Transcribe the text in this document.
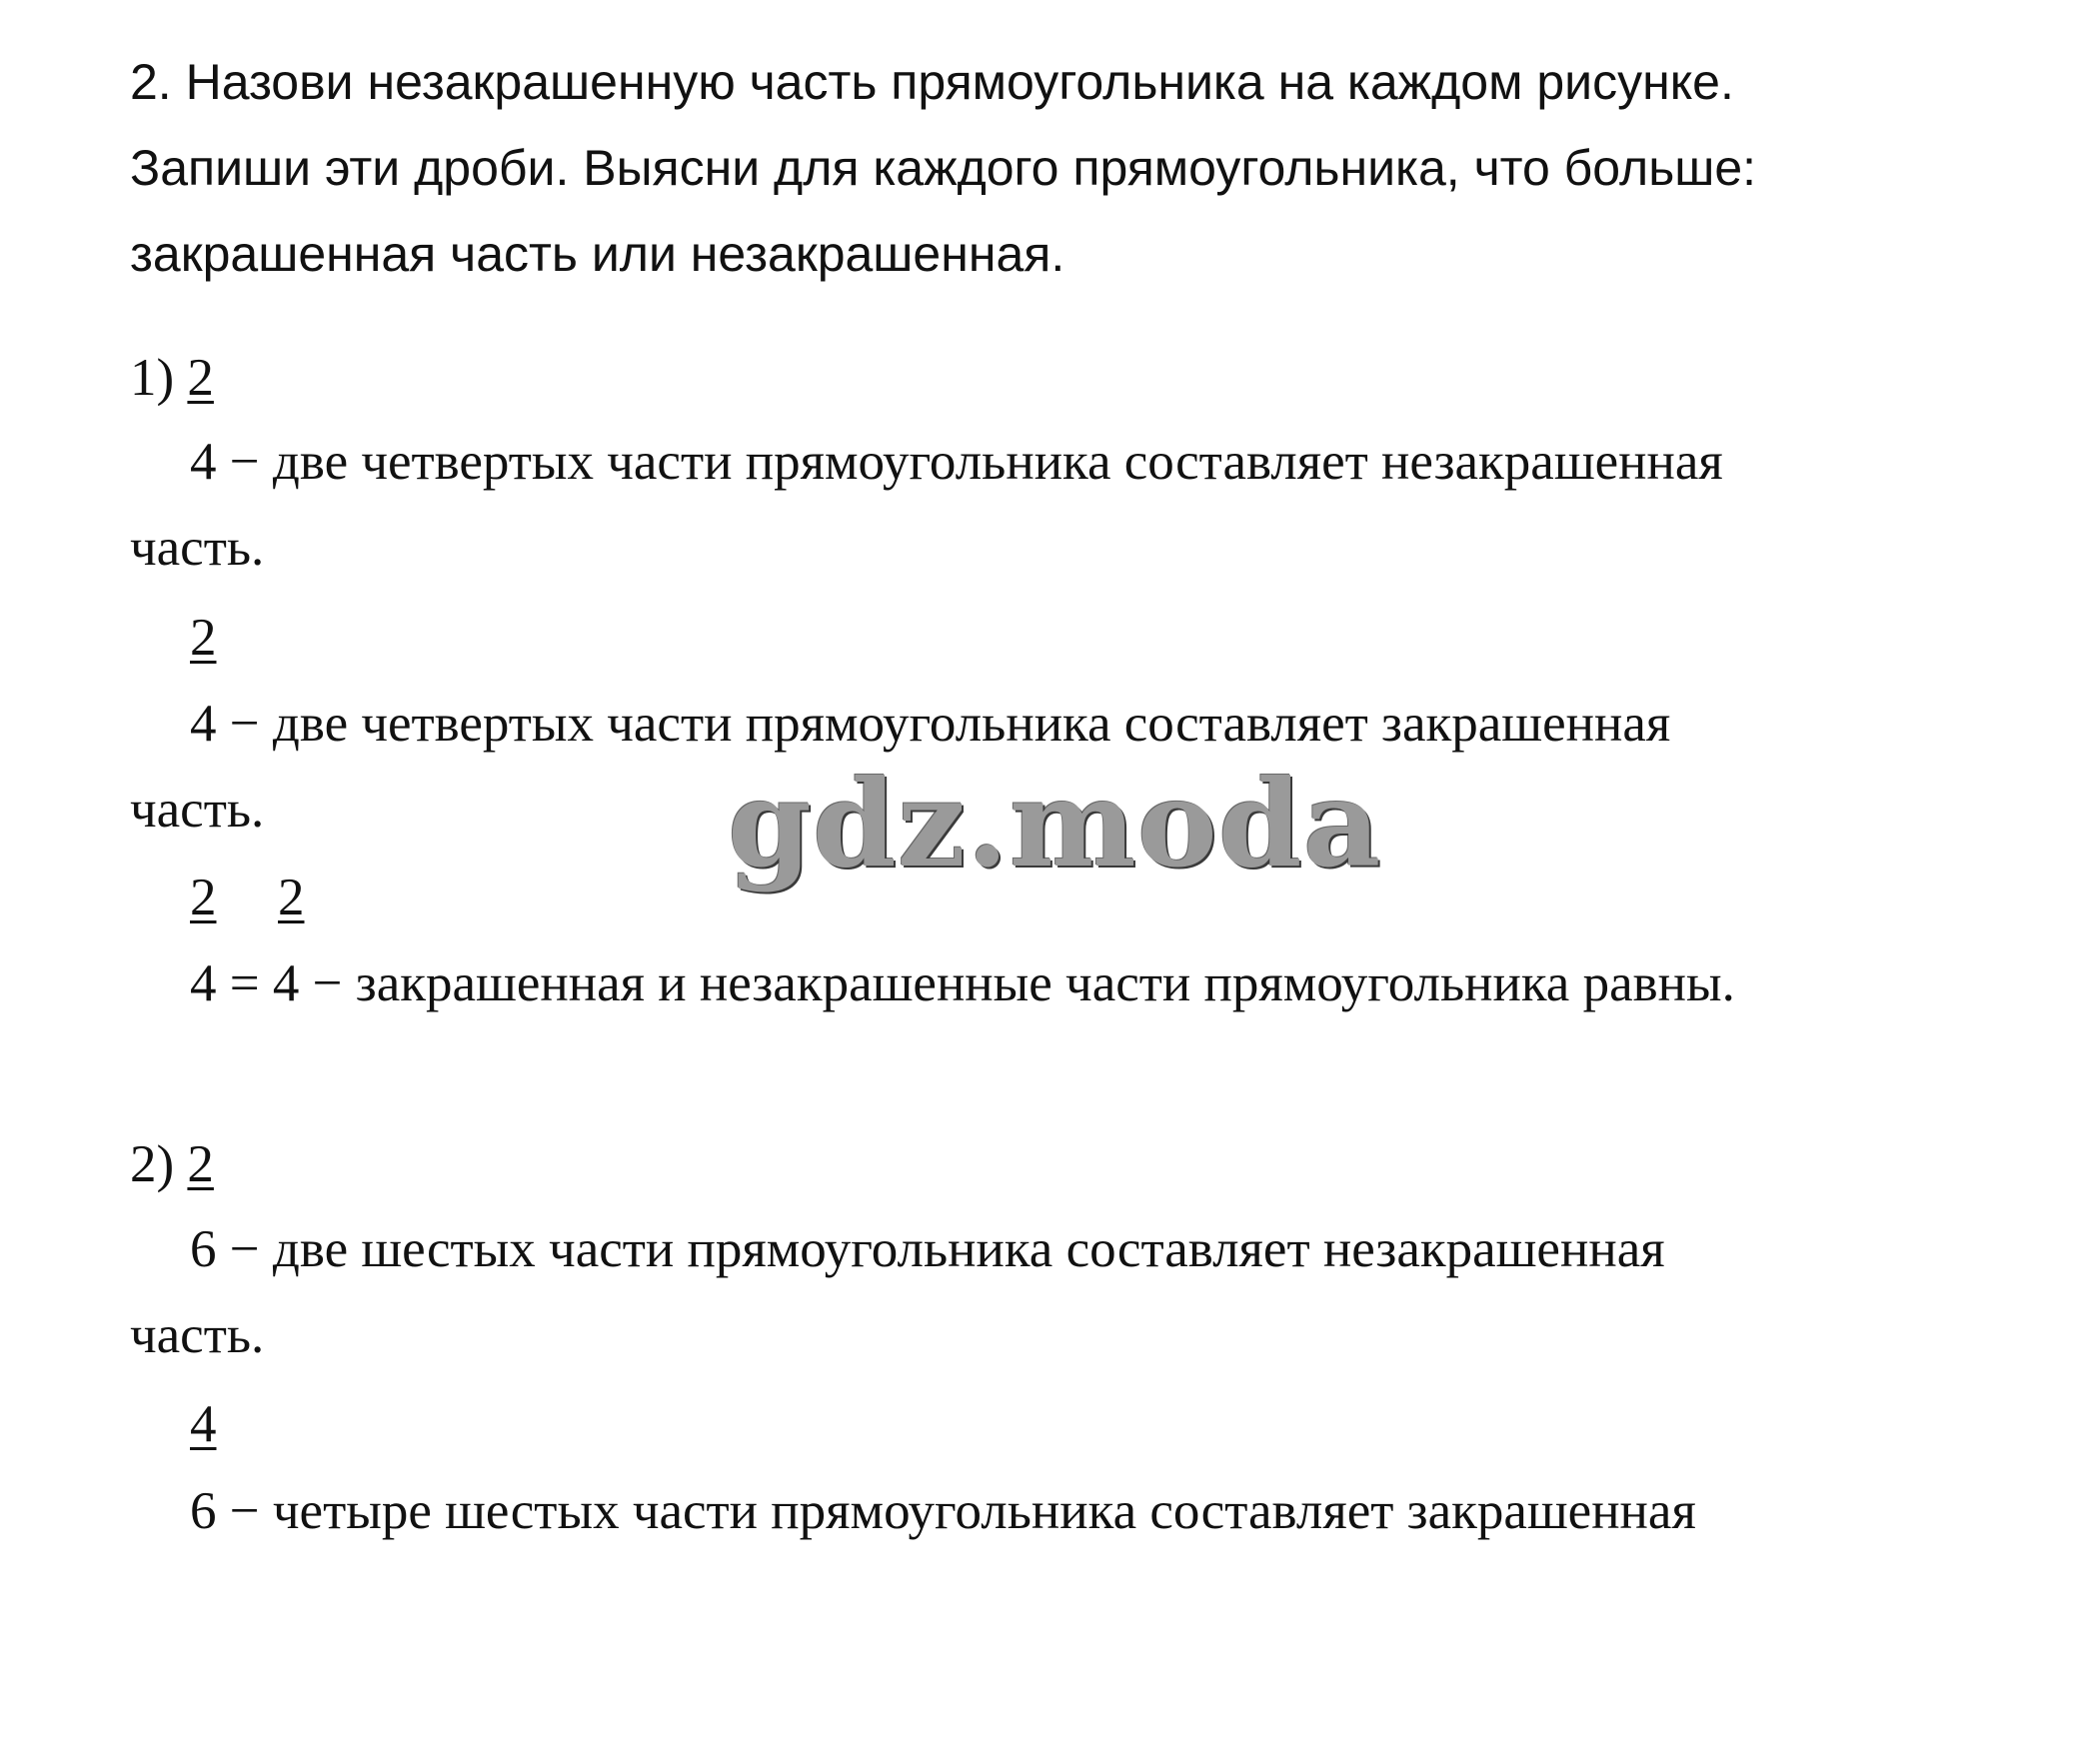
2. Назови незакрашенную часть прямоугольника на каждом рисунке.
Запиши эти дроби. Выясни для каждого прямоугольника, что больше:
закрашенная часть или незакрашенная.
1) 2
4 − две четвертых части прямоугольника составляет незакрашенная
часть.
2
4 − две четвертых части прямоугольника составляет закрашенная
часть.
2 2
4 = 4 − закрашенная и незакрашенные части прямоугольника равны.
2) 2
6 − две шестых части прямоугольника составляет незакрашенная
часть.
4
6 − четыре шестых части прямоугольника составляет закрашенная
gdz.moda
